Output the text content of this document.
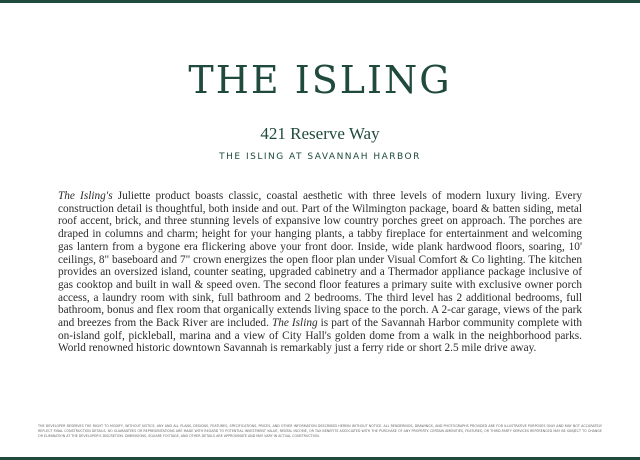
THE ISLING
421 Reserve Way
THE ISLING AT SAVANNAH HARBOR

The Isling's Juliette product boasts classic, coastal aesthetic with three levels of modern luxury living. Every construction detail is thoughtful, both inside and out. Part of the Wilmington package, board & batten siding, metal roof accent, brick, and three stunning levels of expansive low country porches greet on approach. The porches are draped in columns and charm; height for your hanging plants, a tabby fireplace for entertainment and welcoming gas lantern from a bygone era flickering above your front door. Inside, wide plank hardwood floors, soaring, 10' ceilings, 8" baseboard and 7" crown energizes the open floor plan under Visual Comfort & Co lighting. The kitchen provides an oversized island, counter seating, upgraded cabinetry and a Thermador appliance package inclusive of gas cooktop and built in wall & speed oven. The second floor features a primary suite with exclusive owner porch access, a laundry room with sink, full bathroom and 2 bedrooms. The third level has 2 additional bedrooms, full bathroom, bonus and flex room that organically extends living space to the porch. A 2-car garage, views of the park and breezes from the Back River are included. The Isling is part of the Savannah Harbor community complete with on-island golf, pickleball, marina and a view of City Hall's golden dome from a walk in the neighborhood parks. World renowned historic downtown Savannah is remarkably just a ferry ride or short 2.5 mile drive away.

THE DEVELOPER RESERVES THE RIGHT TO MODIFY, WITHOUT NOTICE, ANY AND ALL PLANS, DESIGNS, FEATURES, SPECIFICATIONS, PRICES, AND OTHER INFORMATION DESCRIBED HEREIN WITHOUT NOTICE. ALL RENDERINGS, DRAWINGS, AND PHOTOGRAPHS PROVIDED ARE FOR ILLUSTRATIVE PURPOSES ONLY AND MAY NOT ACCURATELY REFLECT FINAL CONSTRUCTION DETAILS. NO GUARANTEES OR REPRESENTATIONS ARE MADE WITH REGARD TO POTENTIAL INVESTMENT VALUE, RENTAL INCOME, OR TAX BENEFITS ASSOCIATED WITH THE PURCHASE OF ANY PROPERTY. CERTAIN AMENITIES, FEATURES, OR THIRD-PARTY SERVICES REFERENCED MAY BE SUBJECT TO CHANGE OR ELIMINATION AT THE DEVELOPER'S DISCRETION. DIMENSIONS, SQUARE FOOTAGE, AND OTHER DETAILS ARE APPROXIMATE AND MAY VARY IN ACTUAL CONSTRUCTION.
